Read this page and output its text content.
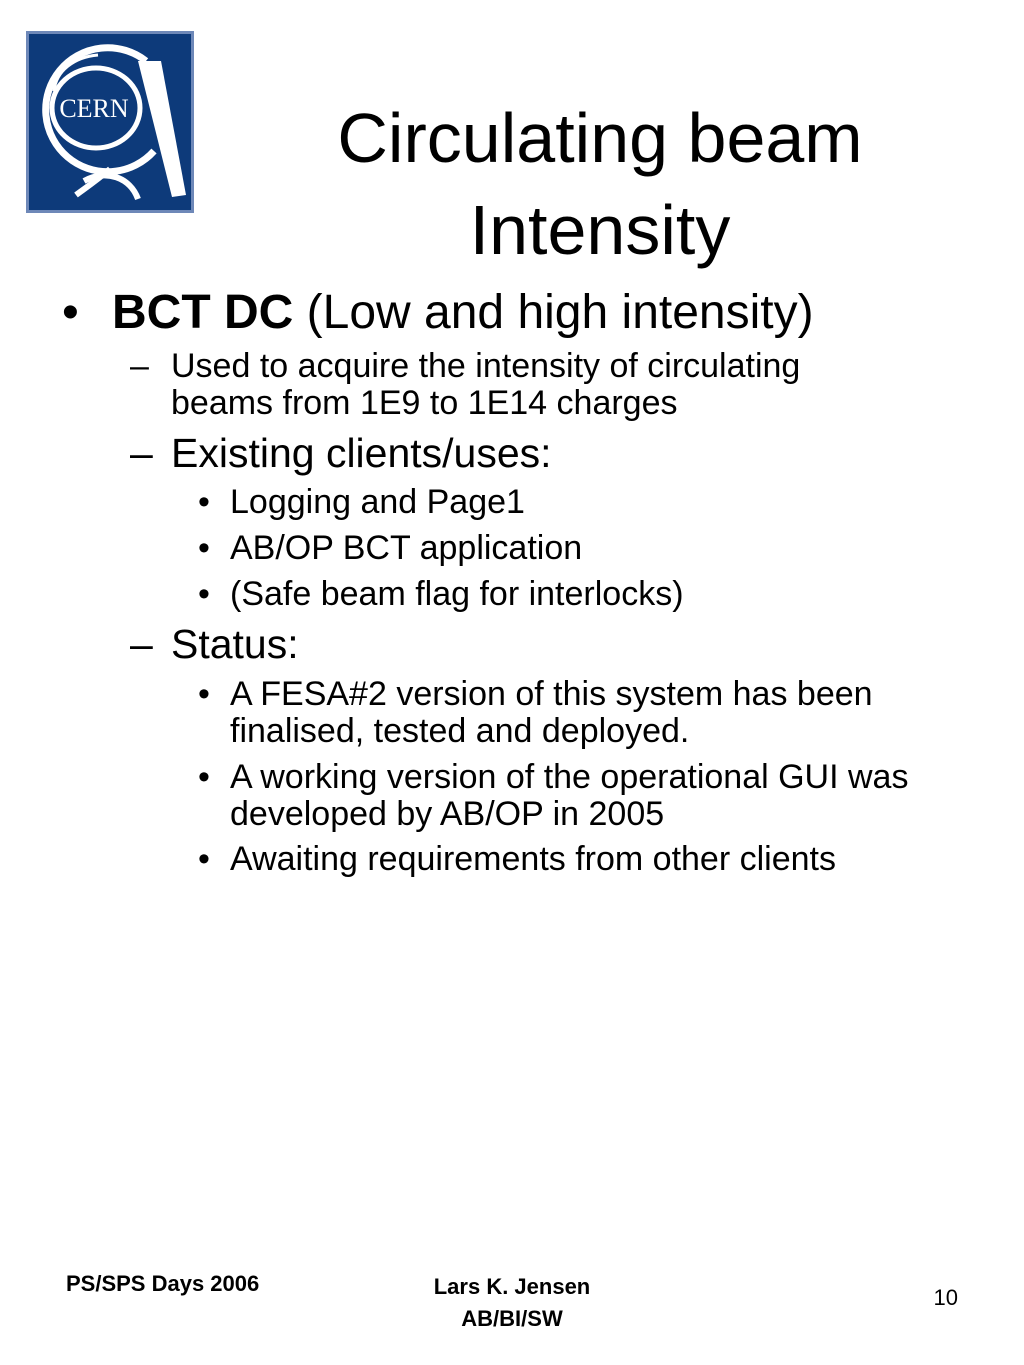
CERN	Circulating beam
Intensity
• BCT DC (Low and high intensity)
– Used to acquire the intensity of circulating
beams from 1E9 to 1E14 charges
– Existing clients/uses:
• Logging and Page1
• AB/OP BCT application
• (Safe beam flag for interlocks)
– Status:
• A FESA#2 version of this system has been
finalised, tested and deployed.
• A working version of the operational GUI was
developed by AB/OP in 2005
• Awaiting requirements from other clients
PS/SPS Days 2006	Lars K. Jensen
AB/BI/SW
10
